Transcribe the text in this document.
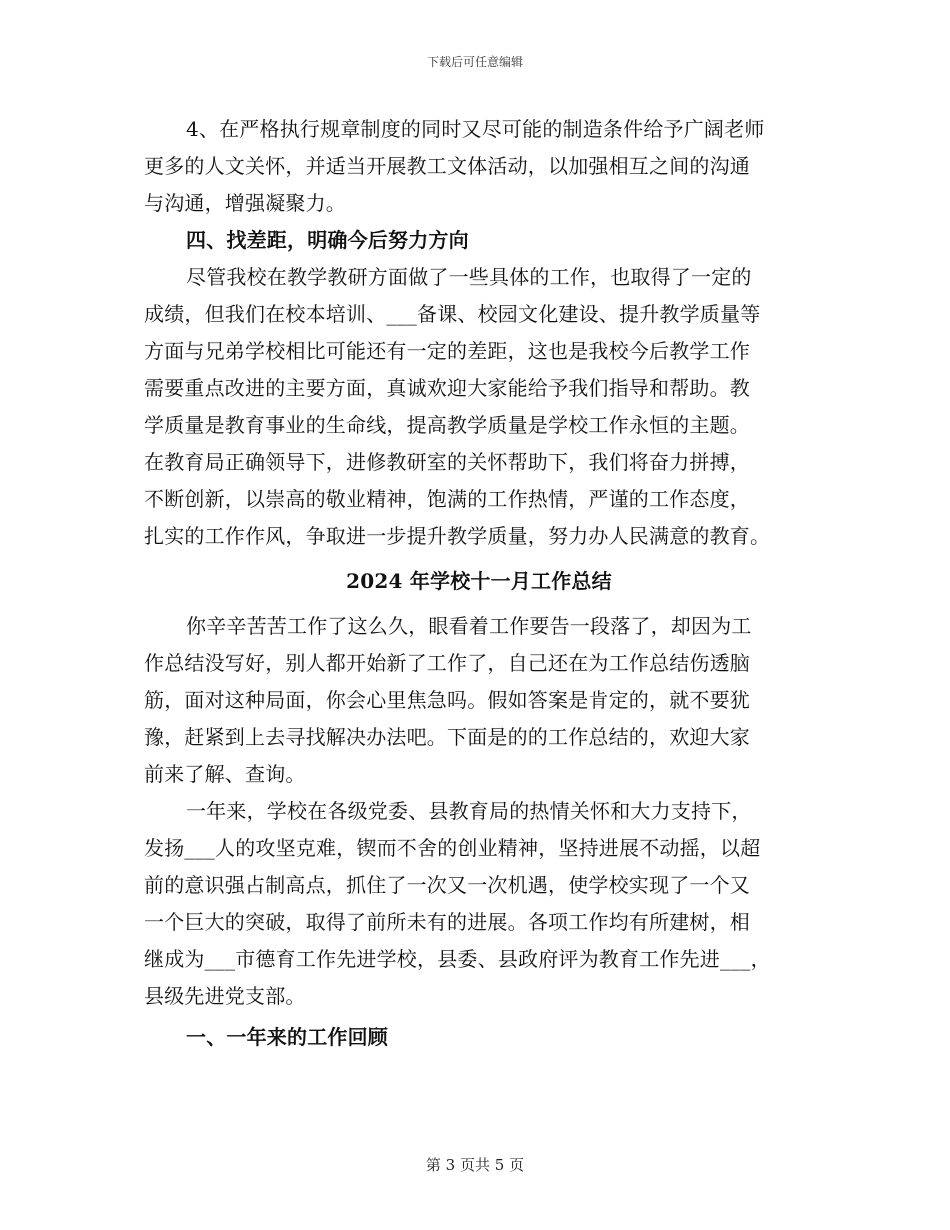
下载后可任意编辑
4、在严格执行规章制度的同时又尽可能的制造条件给予广阔老师
更多的人文关怀，并适当开展教工文体活动，以加强相互之间的沟通
与沟通，增强凝聚力。
四、找差距，明确今后努力方向
尽管我校在教学教研方面做了一些具体的工作，也取得了一定的
成绩，但我们在校本培训、___备课、校园文化建设、提升教学质量等
方面与兄弟学校相比可能还有一定的差距，这也是我校今后教学工作
需要重点改进的主要方面，真诚欢迎大家能给予我们指导和帮助。教
学质量是教育事业的生命线，提高教学质量是学校工作永恒的主题。
在教育局正确领导下，进修教研室的关怀帮助下，我们将奋力拼搏，
不断创新，以崇高的敬业精神，饱满的工作热情，严谨的工作态度，
扎实的工作作风，争取进一步提升教学质量，努力办人民满意的教育。
2024 年学校十一月工作总结
你辛辛苦苦工作了这么久，眼看着工作要告一段落了，却因为工
作总结没写好，别人都开始新了工作了，自己还在为工作总结伤透脑
筋，面对这种局面，你会心里焦急吗。假如答案是肯定的，就不要犹
豫，赶紧到上去寻找解决办法吧。下面是的的工作总结的，欢迎大家
前来了解、查询。
一年来，学校在各级党委、县教育局的热情关怀和大力支持下，
发扬___人的攻坚克难，锲而不舍的创业精神，坚持进展不动摇，以超
前的意识强占制高点，抓住了一次又一次机遇，使学校实现了一个又
一个巨大的突破，取得了前所未有的进展。各项工作均有所建树，相
继成为___市德育工作先进学校，县委、县政府评为教育工作先进___，
县级先进党支部。
一、一年来的工作回顾
第 3 页共 5 页
